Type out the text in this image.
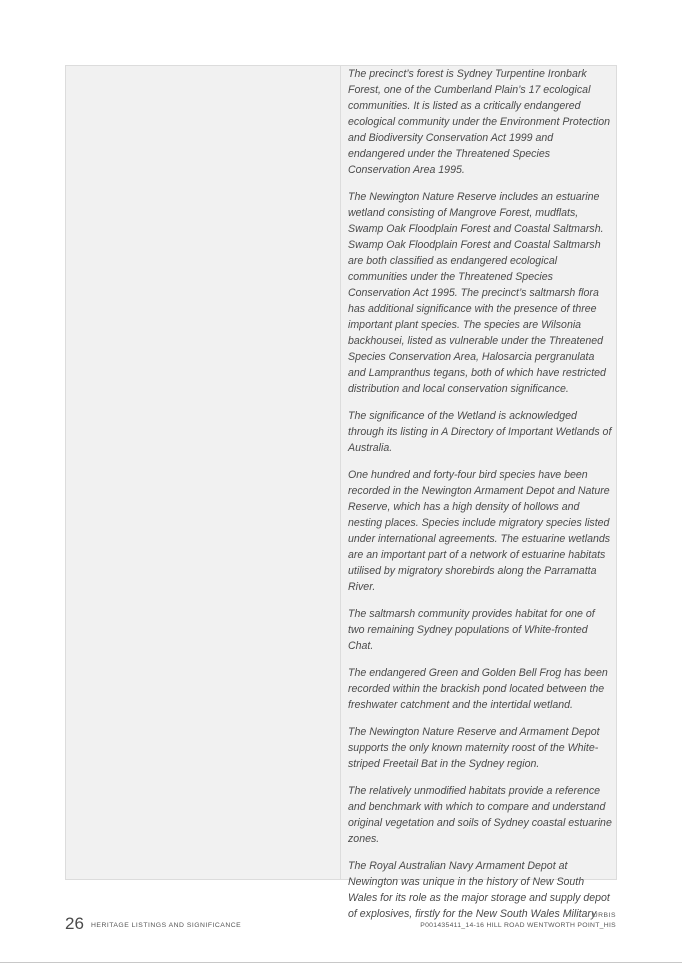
The precinct’s forest is Sydney Turpentine Ironbark Forest, one of the Cumberland Plain’s 17 ecological communities. It is listed as a critically endangered ecological community under the Environment Protection and Biodiversity Conservation Act 1999 and endangered under the Threatened Species Conservation Area 1995.

The Newington Nature Reserve includes an estuarine wetland consisting of Mangrove Forest, mudflats, Swamp Oak Floodplain Forest and Coastal Saltmarsh. Swamp Oak Floodplain Forest and Coastal Saltmarsh are both classified as endangered ecological communities under the Threatened Species Conservation Act 1995. The precinct’s saltmarsh flora has additional significance with the presence of three important plant species. The species are Wilsonia backhousei, listed as vulnerable under the Threatened Species Conservation Area, Halosarcia pergranulata and Lampranthus tegans, both of which have restricted distribution and local conservation significance.

The significance of the Wetland is acknowledged through its listing in A Directory of Important Wetlands of Australia.

One hundred and forty-four bird species have been recorded in the Newington Armament Depot and Nature Reserve, which has a high density of hollows and nesting places. Species include migratory species listed under international agreements. The estuarine wetlands are an important part of a network of estuarine habitats utilised by migratory shorebirds along the Parramatta River.

The saltmarsh community provides habitat for one of two remaining Sydney populations of White-fronted Chat.

The endangered Green and Golden Bell Frog has been recorded within the brackish pond located between the freshwater catchment and the intertidal wetland.

The Newington Nature Reserve and Armament Depot supports the only known maternity roost of the White-striped Freetail Bat in the Sydney region.

The relatively unmodified habitats provide a reference and benchmark with which to compare and understand original vegetation and soils of Sydney coastal estuarine zones.

The Royal Australian Navy Armament Depot at Newington was unique in the history of New South Wales for its role as the major storage and supply depot of explosives, firstly for the New South Wales Military

26 HERITAGE LISTINGS AND SIGNIFICANCE
URBIS
P001435411_14-16 HILL ROAD WENTWORTH POINT_HIS
